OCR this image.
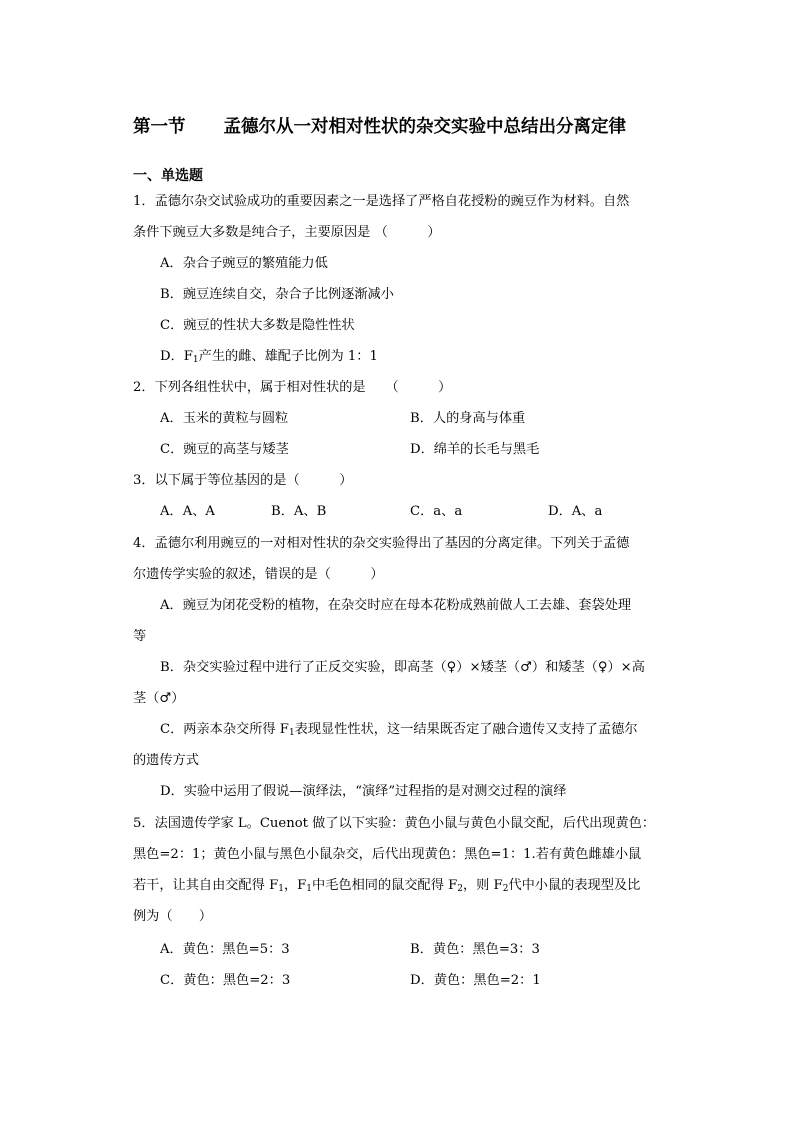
第一节 孟德尔从一对相对性状的杂交实验中总结出分离定律
一、单选题
1．孟德尔杂交试验成功的重要因素之一是选择了严格自花授粉的豌豆作为材料。自然
条件下豌豆大多数是纯合子，主要原因是 （　　　）
A．杂合子豌豆的繁殖能力低
B．豌豆连续自交，杂合子比例逐渐减小
C．豌豆的性状大多数是隐性性状
D．$F_1$产生的雌、雄配子比例为 1：1
2．下列各组性状中，属于相对性状的是　　（　　　）
A．玉米的黄粒与圆粒	B．人的身高与体重
C．豌豆的高茎与矮茎	D．绵羊的长毛与黑毛
3．以下属于等位基因的是（　　　）
A．A、A	B．A、B	C．a、a	D．A、a
4．孟德尔利用豌豆的一对相对性状的杂交实验得出了基因的分离定律。下列关于孟德
尔遗传学实验的叙述，错误的是（　　　）
A．豌豆为闭花受粉的植物，在杂交时应在母本花粉成熟前做人工去雄、套袋处理
等
B．杂交实验过程中进行了正反交实验，即高茎（♀）×矮茎（♂）和矮茎（♀）×高
茎（♂）
C．两亲本杂交所得 $F_1$表现显性性状，这一结果既否定了融合遗传又支持了孟德尔
的遗传方式
D．实验中运用了假说—演绎法，“演绎”过程指的是对测交过程的演绎
5．法国遗传学家 L。Cuenot 做了以下实验：黄色小鼠与黄色小鼠交配，后代出现黄色：
黑色=2：1；黄色小鼠与黑色小鼠杂交，后代出现黄色：黑色=1：1.若有黄色雌雄小鼠
若干，让其自由交配得 $F_1$，$F_1$中毛色相同的鼠交配得 $F_2$，则 $F_2$代中小鼠的表现型及比
例为（　　）
A．黄色：黑色=5：3	B．黄色：黑色=3：3
C．黄色：黑色=2：3	D．黄色：黑色=2：1
